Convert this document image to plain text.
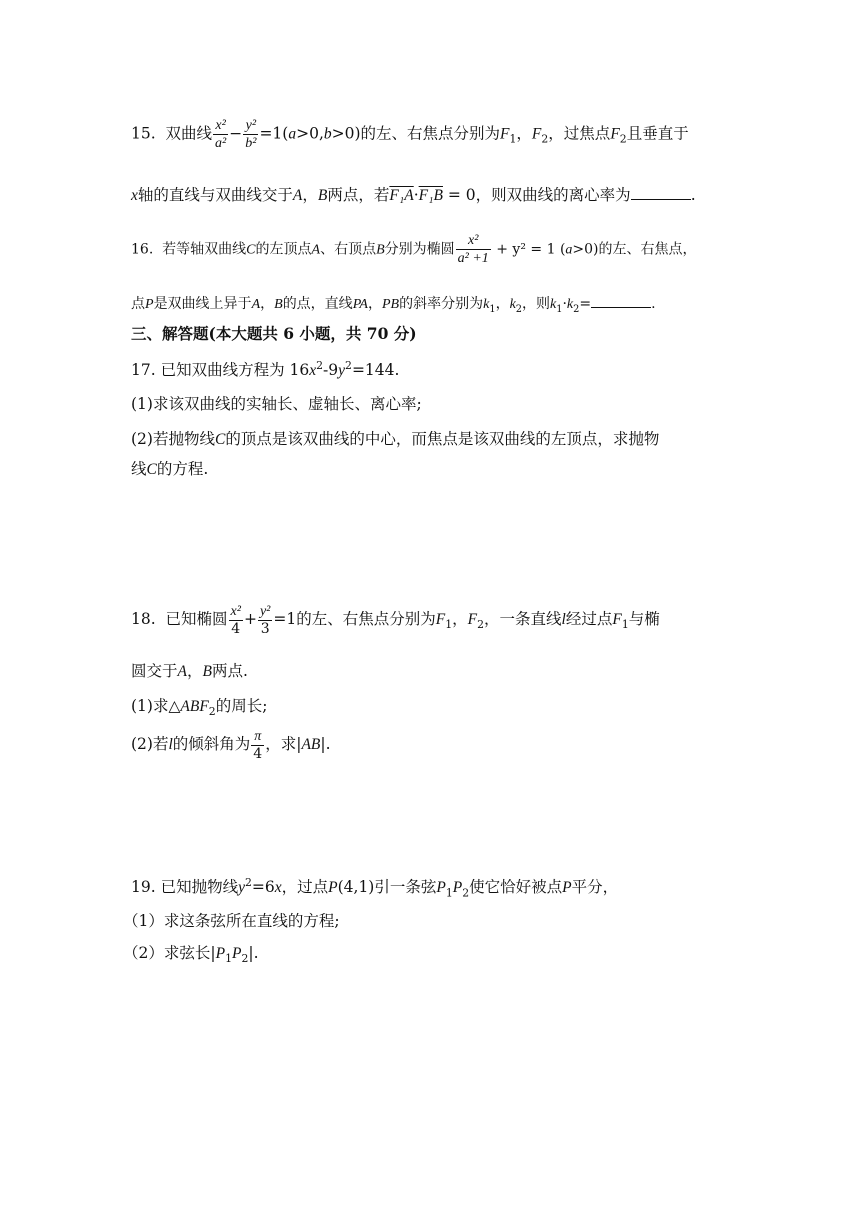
15. 双曲线 $\frac{\text{x²}}{\text{a²}} - \frac{\text{y²}}{\text{b²}} =1(a>0,b>0)$的左、右焦点分别为$F_1$，$F_2$，过焦点$F_2$且垂直于
x轴的直线与双曲线交于A，B两点，若F₁A·F₁B = 0，则双曲线的离心率为	.
16. 若等轴双曲线C的左顶点A、右顶点B分别为椭圆 $\frac{\text{x²}}{\text{a² +1}} + y^2 = 1$ (a>0)的左、右焦点，
点P是双曲线上异于A，B的点，直线PA，PB的斜率分别为$k_1$，$k_2$，则$k_1\cdot k_2=$	.
三、解答题(本大题共 6 小题，共 70 分)
17. 已知双曲线方程为 $16x^2-9y^2=144$.
(1)求该双曲线的实轴长、虚轴长、离心率;
(2)若抛物线C的顶点是该双曲线的中心，而焦点是该双曲线的左顶点，求抛物
线C的方程.
18. 已知椭圆 $\frac{\text{x²}}{4} + \frac{\text{y²}}{3} =1$的左、右焦点分别为$F_1$，$F_2$，一条直线l经过点$F_1$与椭
圆交于A，B两点.
(1)求$\triangle ABF_2$的周长;
(2)若l的倾斜角为 $\frac{\pi}{4}$ ，求|AB|.
19. 已知抛物线$y^2=6x$，过点P(4,1)引一条弦$P_1P_2$使它恰好被点P平分，
（1）求这条弦所在直线的方程;
（2）求弦长$|P_1P_2|$.
